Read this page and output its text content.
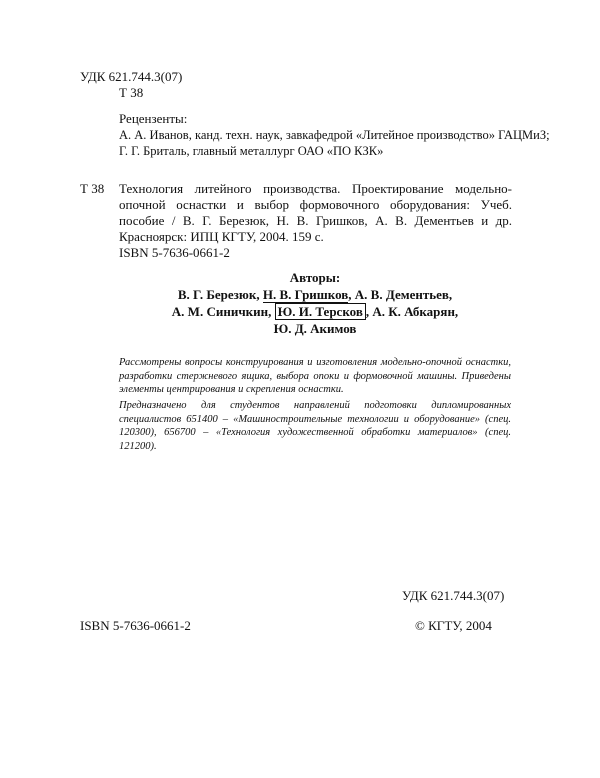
УДК 621.744.3(07)

Т 38

Рецензенты:

А. А. Иванов, канд. техн. наук, завкафедрой «Литейное производство» ГАЦМиЗ;

Г. Г. Бриталь, главный металлург ОАО «ПО КЗК»

Т 38 Технология литейного производства. Проектирование модельно-опочной оснастки и выбор формовочного оборудования: Учеб. пособие / В. Г. Березюк, Н. В. Гришков, А. В. Дементьев и др. Красноярск: ИПЦ КГТУ, 2004. 159 с.

ISBN 5-7636-0661-2

Авторы:
В. Г. Березюк, Н. В. Гришков, А. В. Дементьев,
А. М. Синичкин, Ю. И. Терсков , А. К. Абкарян,
Ю. Д. Акимов

Рассмотрены вопросы конструирования и изготовления модельно-опочной оснастки, разработки стержневого ящика, выбора опоки и формовочной машины. Приведены элементы центрирования и скрепления оснастки.

Предназначено для студентов направлений подготовки дипломированных специалистов 651400 – «Машиностроительные технологии и оборудование» (спец. 120300), 656700 – «Технология художественной обработки материалов» (спец. 121200).

УДК 621.744.3(07)

ISBN 5-7636-0661-2	© КГТУ, 2004
